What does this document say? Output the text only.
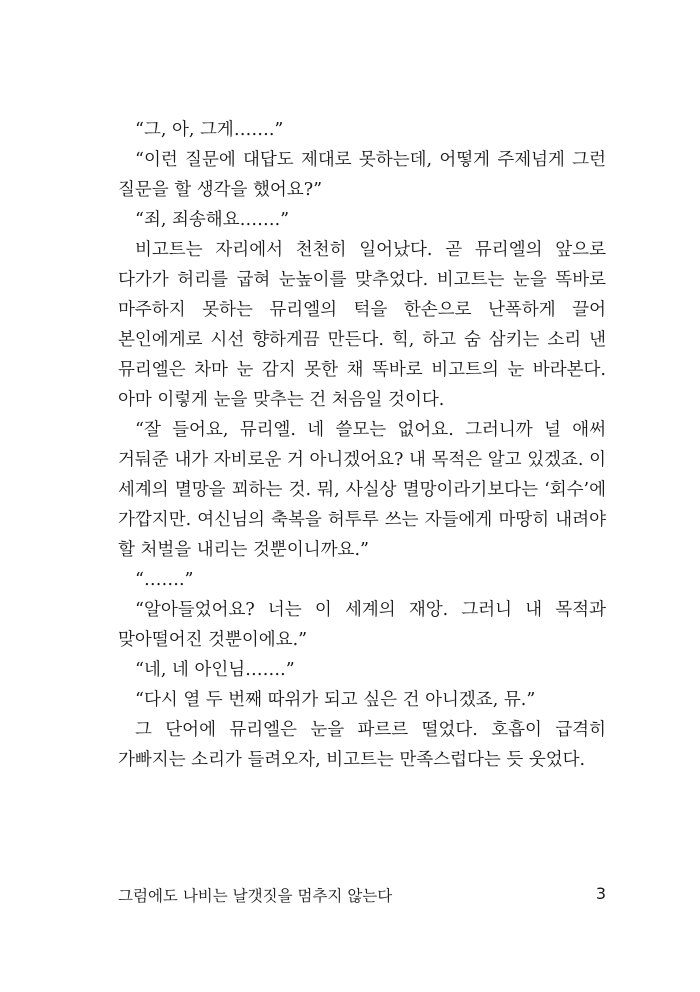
“그, 아, 그게…….”

“이런 질문에 대답도 제대로 못하는데, 어떻게 주제넘게 그런 질문을 할 생각을 했어요?”

“죄, 죄송해요…….”

비고트는 자리에서 천천히 일어났다. 곧 뮤리엘의 앞으로 다가가 허리를 굽혀 눈높이를 맞추었다. 비고트는 눈을 똑바로 마주하지 못하는 뮤리엘의 턱을 한손으로 난폭하게 끌어 본인에게로 시선 향하게끔 만든다. 힉, 하고 숨 삼키는 소리 낸 뮤리엘은 차마 눈 감지 못한 채 똑바로 비고트의 눈 바라본다. 아마 이렇게 눈을 맞추는 건 처음일 것이다.

“잘 들어요, 뮤리엘. 네 쓸모는 없어요. 그러니까 널 애써 거둬준 내가 자비로운 거 아니겠어요? 내 목적은 알고 있겠죠. 이 세계의 멸망을 꾀하는 것. 뭐, 사실상 멸망이라기보다는 ‘회수’에 가깝지만. 여신님의 축복을 허투루 쓰는 자들에게 마땅히 내려야 할 처벌을 내리는 것뿐이니까요.”

“…….”

“알아들었어요? 너는 이 세계의 재앙. 그러니 내 목적과 맞아떨어진 것뿐이에요.”

“네, 네 아인님…….”

“다시 열 두 번째 따위가 되고 싶은 건 아니겠죠, 뮤.”

그 단어에 뮤리엘은 눈을 파르르 떨었다. 호흡이 급격히 가빠지는 소리가 들려오자, 비고트는 만족스럽다는 듯 웃었다.

그럼에도 나비는 날갯짓을 멈추지 않는다	3
